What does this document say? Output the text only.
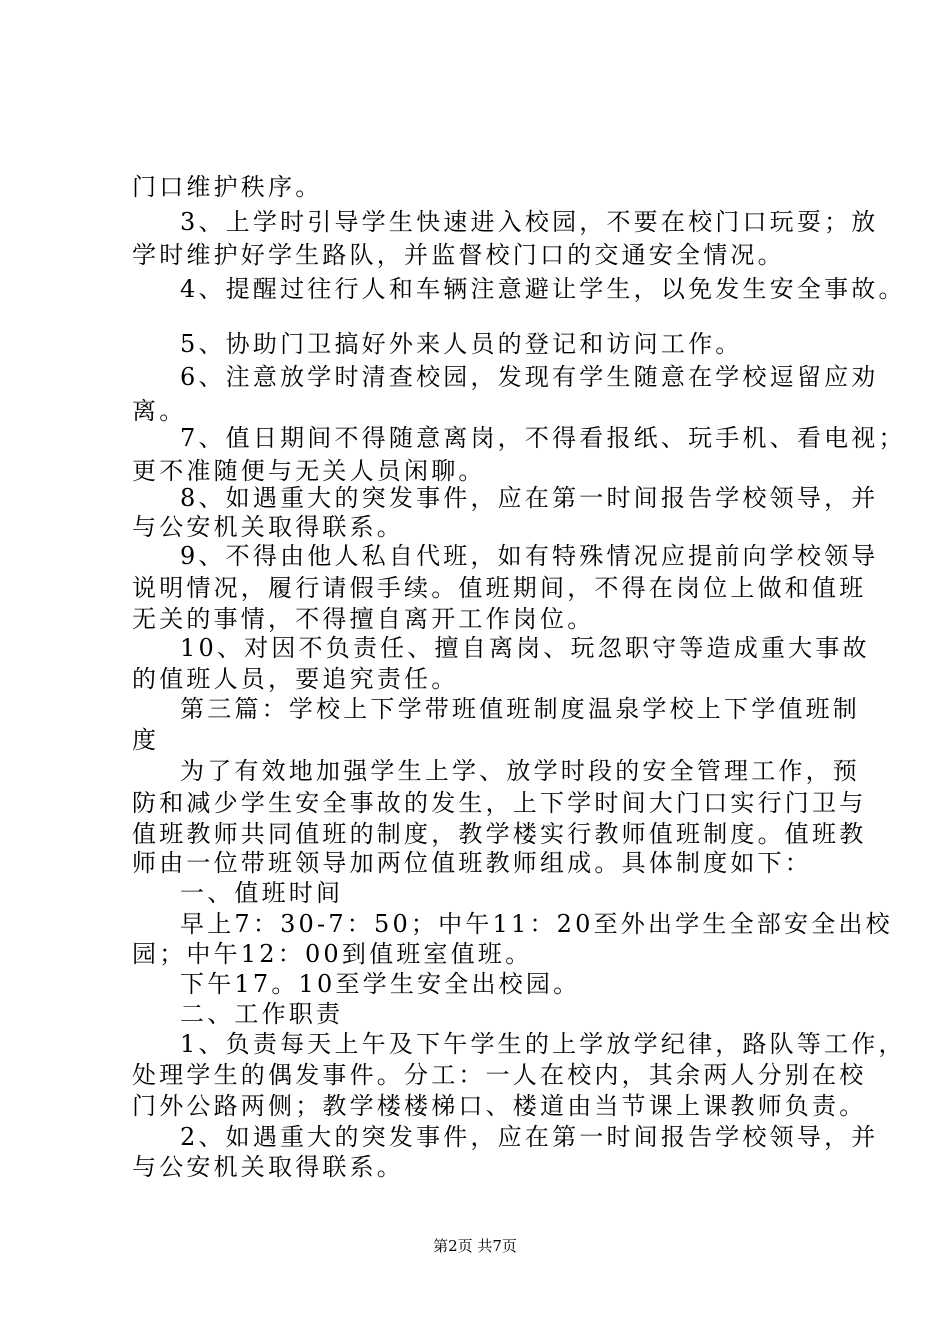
门口维护秩序。
3、上学时引导学生快速进入校园，不要在校门口玩耍；放
学时维护好学生路队，并监督校门口的交通安全情况。
4、提醒过往行人和车辆注意避让学生，以免发生安全事故。
5、协助门卫搞好外来人员的登记和访问工作。
6、注意放学时清查校园，发现有学生随意在学校逗留应劝
离。
7、值日期间不得随意离岗，不得看报纸、玩手机、看电视；
更不准随便与无关人员闲聊。
8、如遇重大的突发事件，应在第一时间报告学校领导，并
与公安机关取得联系。
9、不得由他人私自代班，如有特殊情况应提前向学校领导
说明情况，履行请假手续。值班期间，不得在岗位上做和值班
无关的事情，不得擅自离开工作岗位。
10、对因不负责任、擅自离岗、玩忽职守等造成重大事故
的值班人员，要追究责任。
第三篇：学校上下学带班值班制度温泉学校上下学值班制
度
为了有效地加强学生上学、放学时段的安全管理工作，预
防和减少学生安全事故的发生，上下学时间大门口实行门卫与
值班教师共同值班的制度，教学楼实行教师值班制度。值班教
师由一位带班领导加两位值班教师组成。具体制度如下：
一、值班时间
早上7：30-7：50；中午11：20至外出学生全部安全出校
园；中午12：00到值班室值班。
下午17。10至学生安全出校园。
二、工作职责
1、负责每天上午及下午学生的上学放学纪律，路队等工作，
处理学生的偶发事件。分工：一人在校内，其余两人分别在校
门外公路两侧；教学楼楼梯口、楼道由当节课上课教师负责。
2、如遇重大的突发事件，应在第一时间报告学校领导，并
与公安机关取得联系。
第2页 共7页
